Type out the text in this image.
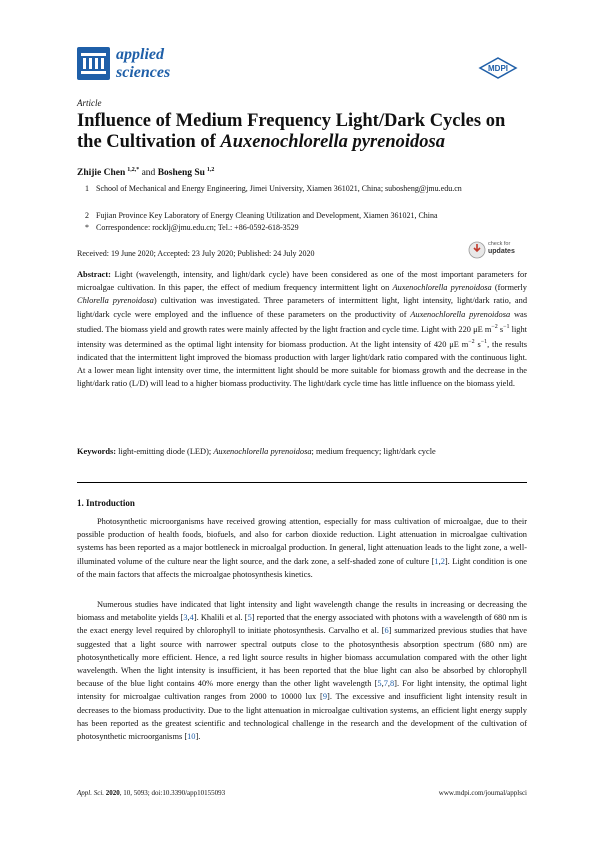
applied
sciences	MDPI
Article
Influence of Medium Frequency Light/Dark Cycles on the Cultivation of Auxenochlorella pyrenoidosa
Zhijie Chen  $^{1,2,*}$ and Bosheng Su  $^{1,2}$
1 School of Mechanical and Energy Engineering, Jimei University, Xiamen 361021, China; subosheng@jmu.edu.cn
2 Fujian Province Key Laboratory of Energy Cleaning Utilization and Development, Xiamen 361021, China
* Correspondence: rocklj@jmu.edu.cn; Tel.: +86-0592-618-3529
check for
updates
Received: 19 June 2020; Accepted: 23 July 2020; Published: 24 July 2020
Abstract: Light (wavelength, intensity, and light/dark cycle) have been considered as one of the most important parameters for microalgae cultivation. In this paper, the effect of medium frequency intermittent light on Auxenochlorella pyrenoidosa (formerly Chlorella pyrenoidosa) cultivation was investigated. Three parameters of intermittent light, light intensity, light/dark ratio, and light/dark cycle were employed and the influence of these parameters on the productivity of Auxenochlorella pyrenoidosa was studied. The biomass yield and growth rates were mainly affected by the light fraction and cycle time. Light with 220 μE $m^{-2}$ $s^{-1}$ light intensity was determined as the optimal light intensity for biomass production. At the light intensity of 420 μE $m^{-2}$ $s^{-1}$, the results indicated that the intermittent light improved the biomass production with larger light/dark ratio compared with the continuous light. At a lower mean light intensity over time, the intermittent light should be more suitable for biomass growth and the decrease in the light/dark ratio (L/D) will lead to a higher biomass productivity. The light/dark cycle time has little influence on the biomass yield.
Keywords: light-emitting diode (LED); Auxenochlorella pyrenoidosa; medium frequency; light/dark cycle
1. Introduction
Photosynthetic microorganisms have received growing attention, especially for mass cultivation of microalgae, due to their possible production of health foods, biofuels, and also for carbon dioxide reduction. Light attenuation in microalgae cultivation systems has been reported as a major bottleneck in microalgal production. In general, light attenuation leads to the light zone, a well-illuminated volume of the culture near the light source, and the dark zone, a self-shaded zone of culture [1,2]. Light condition is one of the main factors that affects the microalgae photosynthesis kinetics.
Numerous studies have indicated that light intensity and light wavelength change the results in increasing or decreasing the biomass and metabolite yields [3,4]. Khalili et al. [5] reported that the energy associated with photons with a wavelength of 680 nm is the exact energy level required by chlorophyll to initiate photosynthesis. Carvalho et al. [6] summarized previous studies that have suggested that a light source with narrower spectral outputs close to the photosynthesis absorption spectrum (680 nm) are photosynthetically more efficient. Hence, a red light source results in higher biomass accumulation compared with the other light wavelength. When the light intensity is insufficient, it has been reported that the blue light can also be absorbed by chlorophyll because of the blue light contains 40% more energy than the other light wavelength [5,7,8]. For light intensity, the optimal light intensity for microalgae cultivation ranges from 2000 to 10000 lux [9]. The excessive and insufficient light intensity result in decreases to the biomass productivity. Due to the light attenuation in microalgae cultivation systems, an efficient light energy supply has been reported as the greatest scientific and technological challenge in the research and the development of the cultivation of photosynthetic microorganisms [10].
Appl. Sci. 2020, 10, 5093; doi:10.3390/app10155093	www.mdpi.com/journal/applsci
